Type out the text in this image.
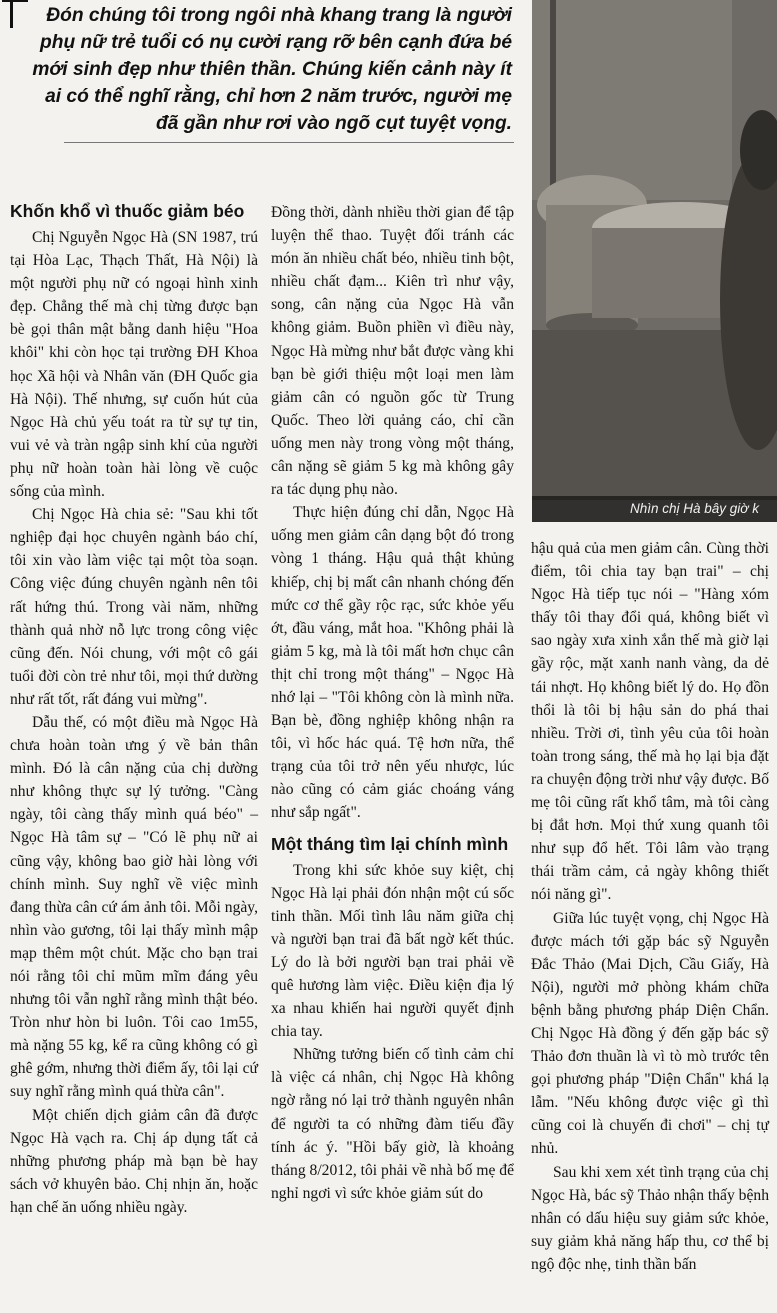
Đón chúng tôi trong ngôi nhà khang trang là người phụ nữ trẻ tuổi có nụ cười rạng rỡ bên cạnh đứa bé mới sinh đẹp như thiên thần. Chúng kiến cảnh này ít ai có thể nghĩ rằng, chỉ hơn 2 năm trước, người mẹ đã gần như rơi vào ngõ cụt tuyệt vọng.
Nhìn chị Hà bây giờ k
Khốn khổ vì thuốc giảm béo

Chị Nguyễn Ngọc Hà (SN 1987, trú tại Hòa Lạc, Thạch Thất, Hà Nội) là một người phụ nữ có ngoại hình xinh đẹp. Chẳng thế mà chị từng được bạn bè gọi thân mật bằng danh hiệu "Hoa khôi" khi còn học tại trường ĐH Khoa học Xã hội và Nhân văn (ĐH Quốc gia Hà Nội). Thế nhưng, sự cuốn hút của Ngọc Hà chủ yếu toát ra từ sự tự tin, vui vẻ và tràn ngập sinh khí của người phụ nữ hoàn toàn hài lòng về cuộc sống của mình.

Chị Ngọc Hà chia sẻ: "Sau khi tốt nghiệp đại học chuyên ngành báo chí, tôi xin vào làm việc tại một tòa soạn. Công việc đúng chuyên ngành nên tôi rất hứng thú. Trong vài năm, những thành quả nhờ nỗ lực trong công việc cũng đến. Nói chung, với một cô gái tuổi đời còn trẻ như tôi, mọi thứ dường như rất tốt, rất đáng vui mừng".

Dẫu thế, có một điều mà Ngọc Hà chưa hoàn toàn ưng ý về bản thân mình. Đó là cân nặng của chị dường như không thực sự lý tưởng. "Càng ngày, tôi càng thấy mình quá béo" – Ngọc Hà tâm sự – "Có lẽ phụ nữ ai cũng vậy, không bao giờ hài lòng với chính mình. Suy nghĩ về việc mình đang thừa cân cứ ám ảnh tôi. Mỗi ngày, nhìn vào gương, tôi lại thấy mình mập mạp thêm một chút. Mặc cho bạn trai nói rằng tôi chỉ mũm mĩm đáng yêu nhưng tôi vẫn nghĩ rằng mình thật béo. Tròn như hòn bi luôn. Tôi cao 1m55, mà nặng 55 kg, kể ra cũng không có gì ghê gớm, nhưng thời điểm ấy, tôi lại cứ suy nghĩ rằng mình quá thừa cân".

Một chiến dịch giảm cân đã được Ngọc Hà vạch ra. Chị áp dụng tất cả những phương pháp mà bạn bè hay sách vở khuyên bảo. Chị nhịn ăn, hoặc hạn chế ăn uống nhiều ngày.

Đồng thời, dành nhiều thời gian để tập luyện thể thao. Tuyệt đối tránh các món ăn nhiều chất béo, nhiều tinh bột, nhiều chất đạm... Kiên trì như vậy, song, cân nặng của Ngọc Hà vẫn không giảm. Buồn phiền vì điều này, Ngọc Hà mừng như bắt được vàng khi bạn bè giới thiệu một loại men làm giảm cân có nguồn gốc từ Trung Quốc. Theo lời quảng cáo, chỉ cần uống men này trong vòng một tháng, cân nặng sẽ giảm 5 kg mà không gây ra tác dụng phụ nào.

Thực hiện đúng chỉ dẫn, Ngọc Hà uống men giảm cân dạng bột đó trong vòng 1 tháng. Hậu quả thật khủng khiếp, chị bị mất cân nhanh chóng đến mức cơ thể gầy rộc rạc, sức khỏe yếu ớt, đầu váng, mắt hoa. "Không phải là giảm 5 kg, mà là tôi mất hơn chục cân thịt chỉ trong một tháng" – Ngọc Hà nhớ lại – "Tôi không còn là mình nữa. Bạn bè, đồng nghiệp không nhận ra tôi, vì hốc hác quá. Tệ hơn nữa, thể trạng của tôi trở nên yếu nhược, lúc nào cũng có cảm giác choáng váng như sắp ngất".

Một tháng tìm lại chính mình

Trong khi sức khỏe suy kiệt, chị Ngọc Hà lại phải đón nhận một cú sốc tinh thần. Mối tình lâu năm giữa chị và người bạn trai đã bất ngờ kết thúc. Lý do là bởi người bạn trai phải về quê hương làm việc. Điều kiện địa lý xa nhau khiến hai người quyết định chia tay.

Những tưởng biến cố tình cảm chỉ là việc cá nhân, chị Ngọc Hà không ngờ rằng nó lại trở thành nguyên nhân để người ta có những đàm tiếu đầy tính ác ý. "Hồi bấy giờ, là khoảng tháng 8/2012, tôi phải về nhà bố mẹ để nghỉ ngơi vì sức khỏe giảm sút do

hậu quả của men giảm cân. Cùng thời điểm, tôi chia tay bạn trai" – chị Ngọc Hà tiếp tục nói – "Hàng xóm thấy tôi thay đổi quá, không biết vì sao ngày xưa xinh xắn thế mà giờ lại gầy rộc, mặt xanh nanh vàng, da dẻ tái nhợt. Họ không biết lý do. Họ đồn thổi là tôi bị hậu sản do phá thai nhiều. Trời ơi, tình yêu của tôi hoàn toàn trong sáng, thế mà họ lại bịa đặt ra chuyện động trời như vậy được. Bố mẹ tôi cũng rất khổ tâm, mà tôi càng bị đắt hơn. Mọi thứ xung quanh tôi như sụp đổ hết. Tôi lâm vào trạng thái trầm cảm, cả ngày không thiết nói năng gì".

Giữa lúc tuyệt vọng, chị Ngọc Hà được mách tới gặp bác sỹ Nguyễn Đắc Thảo (Mai Dịch, Cầu Giấy, Hà Nội), người mở phòng khám chữa bệnh bằng phương pháp Diện Chẩn. Chị Ngọc Hà đồng ý đến gặp bác sỹ Thảo đơn thuần là vì tò mò trước tên gọi phương pháp "Diện Chẩn" khá lạ lẫm. "Nếu không được việc gì thì cũng coi là chuyến đi chơi" – chị tự nhủ.

Sau khi xem xét tình trạng của chị Ngọc Hà, bác sỹ Thảo nhận thấy bệnh nhân có dấu hiệu suy giảm sức khỏe, suy giảm khả năng hấp thu, cơ thể bị ngộ độc nhẹ, tinh thần bấn
